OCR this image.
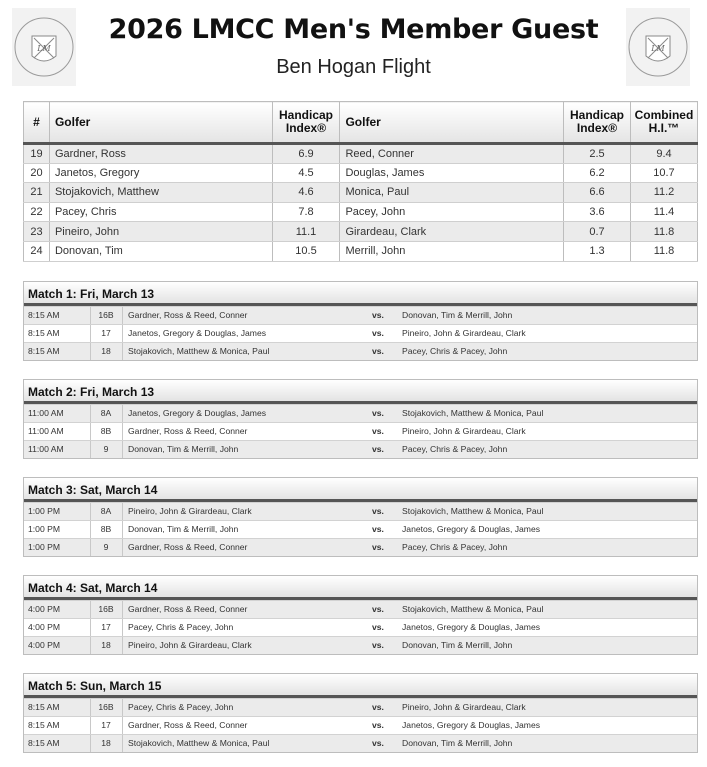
LM	LM
2026 LMCC Men's Member Guest
Ben Hogan Flight
#	Golfer	Handicap Index®	Golfer	Handicap Index®	Combined H.I.™
19	Gardner, Ross	6.9	Reed, Conner	2.5	9.4
20	Janetos, Gregory	4.5	Douglas, James	6.2	10.7
21	Stojakovich, Matthew	4.6	Monica, Paul	6.6	11.2
22	Pacey, Chris	7.8	Pacey, John	3.6	11.4
23	Pineiro, John	11.1	Girardeau, Clark	0.7	11.8
24	Donovan, Tim	10.5	Merrill, John	1.3	11.8
Match 1: Fri, March 13
8:15 AM	16B	Gardner, Ross & Reed, Conner	vs. Donovan, Tim & Merrill, John
8:15 AM	17	Janetos, Gregory & Douglas, James	vs. Pineiro, John & Girardeau, Clark
8:15 AM	18	Stojakovich, Matthew & Monica, Paul	vs. Pacey, Chris & Pacey, John
Match 2: Fri, March 13
11:00 AM	8A	Janetos, Gregory & Douglas, James	vs. Stojakovich, Matthew & Monica, Paul
11:00 AM	8B	Gardner, Ross & Reed, Conner	vs. Pineiro, John & Girardeau, Clark
11:00 AM	9	Donovan, Tim & Merrill, John	vs. Pacey, Chris & Pacey, John
Match 3: Sat, March 14
1:00 PM	8A	Pineiro, John & Girardeau, Clark	vs. Stojakovich, Matthew & Monica, Paul
1:00 PM	8B	Donovan, Tim & Merrill, John	vs. Janetos, Gregory & Douglas, James
1:00 PM	9	Gardner, Ross & Reed, Conner	vs. Pacey, Chris & Pacey, John
Match 4: Sat, March 14
4:00 PM	16B	Gardner, Ross & Reed, Conner	vs. Stojakovich, Matthew & Monica, Paul
4:00 PM	17	Pacey, Chris & Pacey, John	vs. Janetos, Gregory & Douglas, James
4:00 PM	18	Pineiro, John & Girardeau, Clark	vs. Donovan, Tim & Merrill, John
Match 5: Sun, March 15
8:15 AM	16B	Pacey, Chris & Pacey, John	vs. Pineiro, John & Girardeau, Clark
8:15 AM	17	Gardner, Ross & Reed, Conner	vs. Janetos, Gregory & Douglas, James
8:15 AM	18	Stojakovich, Matthew & Monica, Paul	vs. Donovan, Tim & Merrill, John
